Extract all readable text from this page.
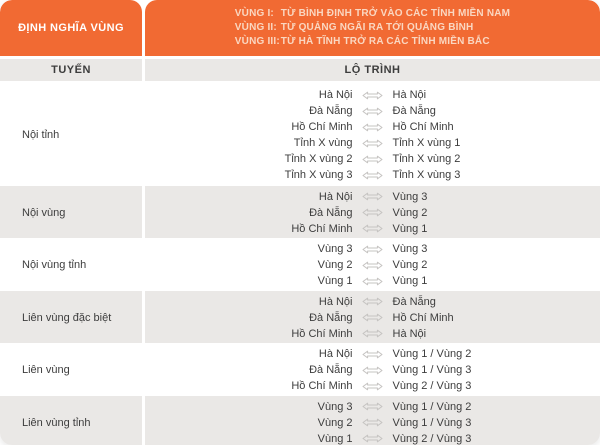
ĐỊNH NGHĨA VÙNG
VÙNG I: TỪ BÌNH ĐỊNH TRỞ VÀO CÁC TỈNH MIỀN NAM
VÙNG II: TỪ QUẢNG NGÃI RA TỚI QUẢNG BÌNH
VÙNG III: TỪ HÀ TĨNH TRỞ RA CÁC TỈNH MIỀN BẮC
TUYẾN	LỘ TRÌNH
Nội tỉnh
Hà Nội	Hà Nội
Đà Nẵng	Đà Nẵng
Hồ Chí Minh	Hồ Chí Minh
Tỉnh X vùng	Tỉnh X vùng 1
Tỉnh X vùng 2	Tỉnh X vùng 2
Tỉnh X vùng 3	Tỉnh X vùng 3
Nội vùng
Hà Nội	Vùng 3
Đà Nẵng	Vùng 2
Hồ Chí Minh	Vùng 1
Nội vùng tỉnh
Vùng 3	Vùng 3
Vùng 2	Vùng 2
Vùng 1	Vùng 1
Liên vùng đặc biệt
Hà Nội	Đà Nẵng
Đà Nẵng	Hồ Chí Minh
Hồ Chí Minh	Hà Nội
Liên vùng
Hà Nội	Vùng 1 / Vùng 2
Đà Nẵng	Vùng 1 / Vùng 3
Hồ Chí Minh	Vùng 2 / Vùng 3
Liên vùng tỉnh
Vùng 3	Vùng 1 / Vùng 2
Vùng 2	Vùng 1 / Vùng 3
Vùng 1	Vùng 2 / Vùng 3
